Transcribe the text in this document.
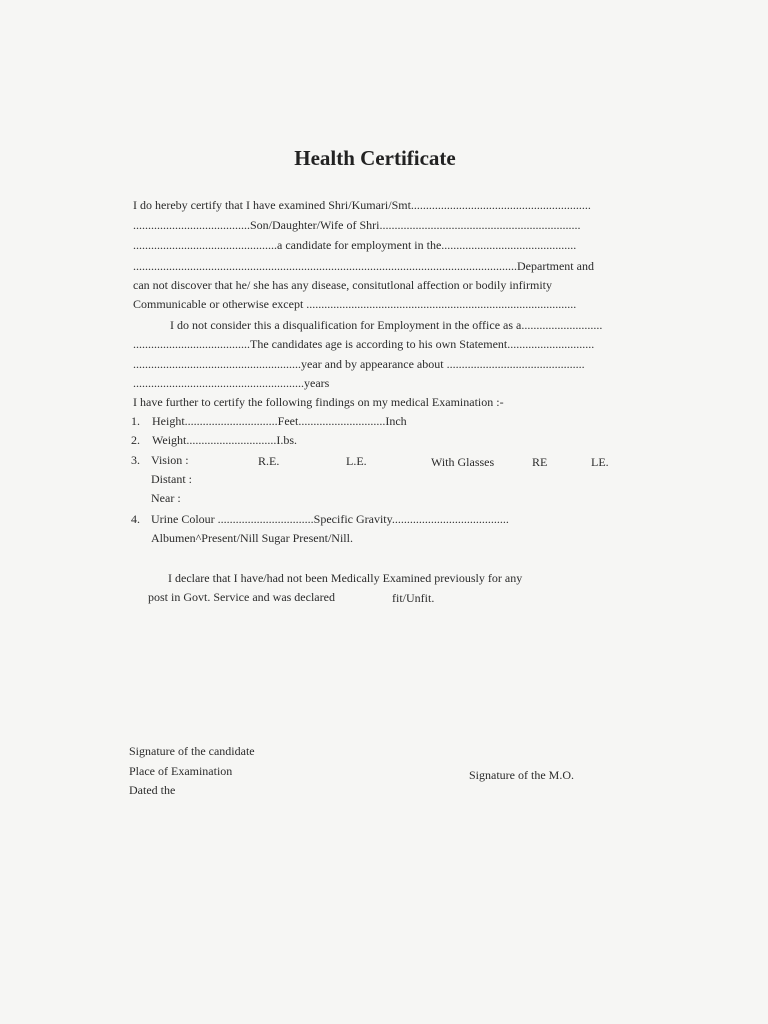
Health Certificate
I do hereby certify that I have examined Shri/Kumari/Smt............................................................
.......................................Son/Daughter/Wife of Shri...................................................................
................................................a candidate for employment in the.............................................
................................................................................................................................Department and
can not discover that he/ she has any disease, consitutlonal affection or bodily infirmity
Communicable or otherwise except ..........................................................................................
I do not consider this a disqualification for Employment in the office as a...........................
.......................................The candidates age is according to his own Statement.............................
........................................................year and by appearance about ..............................................
.........................................................years
I have further to certify the following findings on my medical Examination :-
1. Height...............................Feet.............................Inch
2. Weight..............................I.bs.
3. Vision :	R.E.	L.E.	With Glasses	RE	LE.
Distant :
Near :
4. Urine Colour ................................Specific Gravity.......................................
Albumen^Present/Nill Sugar Present/Nill.
I declare that I have/had not been Medically Examined previously for any
post in Govt. Service and was declared	fit/Unfit.
Signature of the candidate
Place of Examination
Dated the
Signature of the M.O.
